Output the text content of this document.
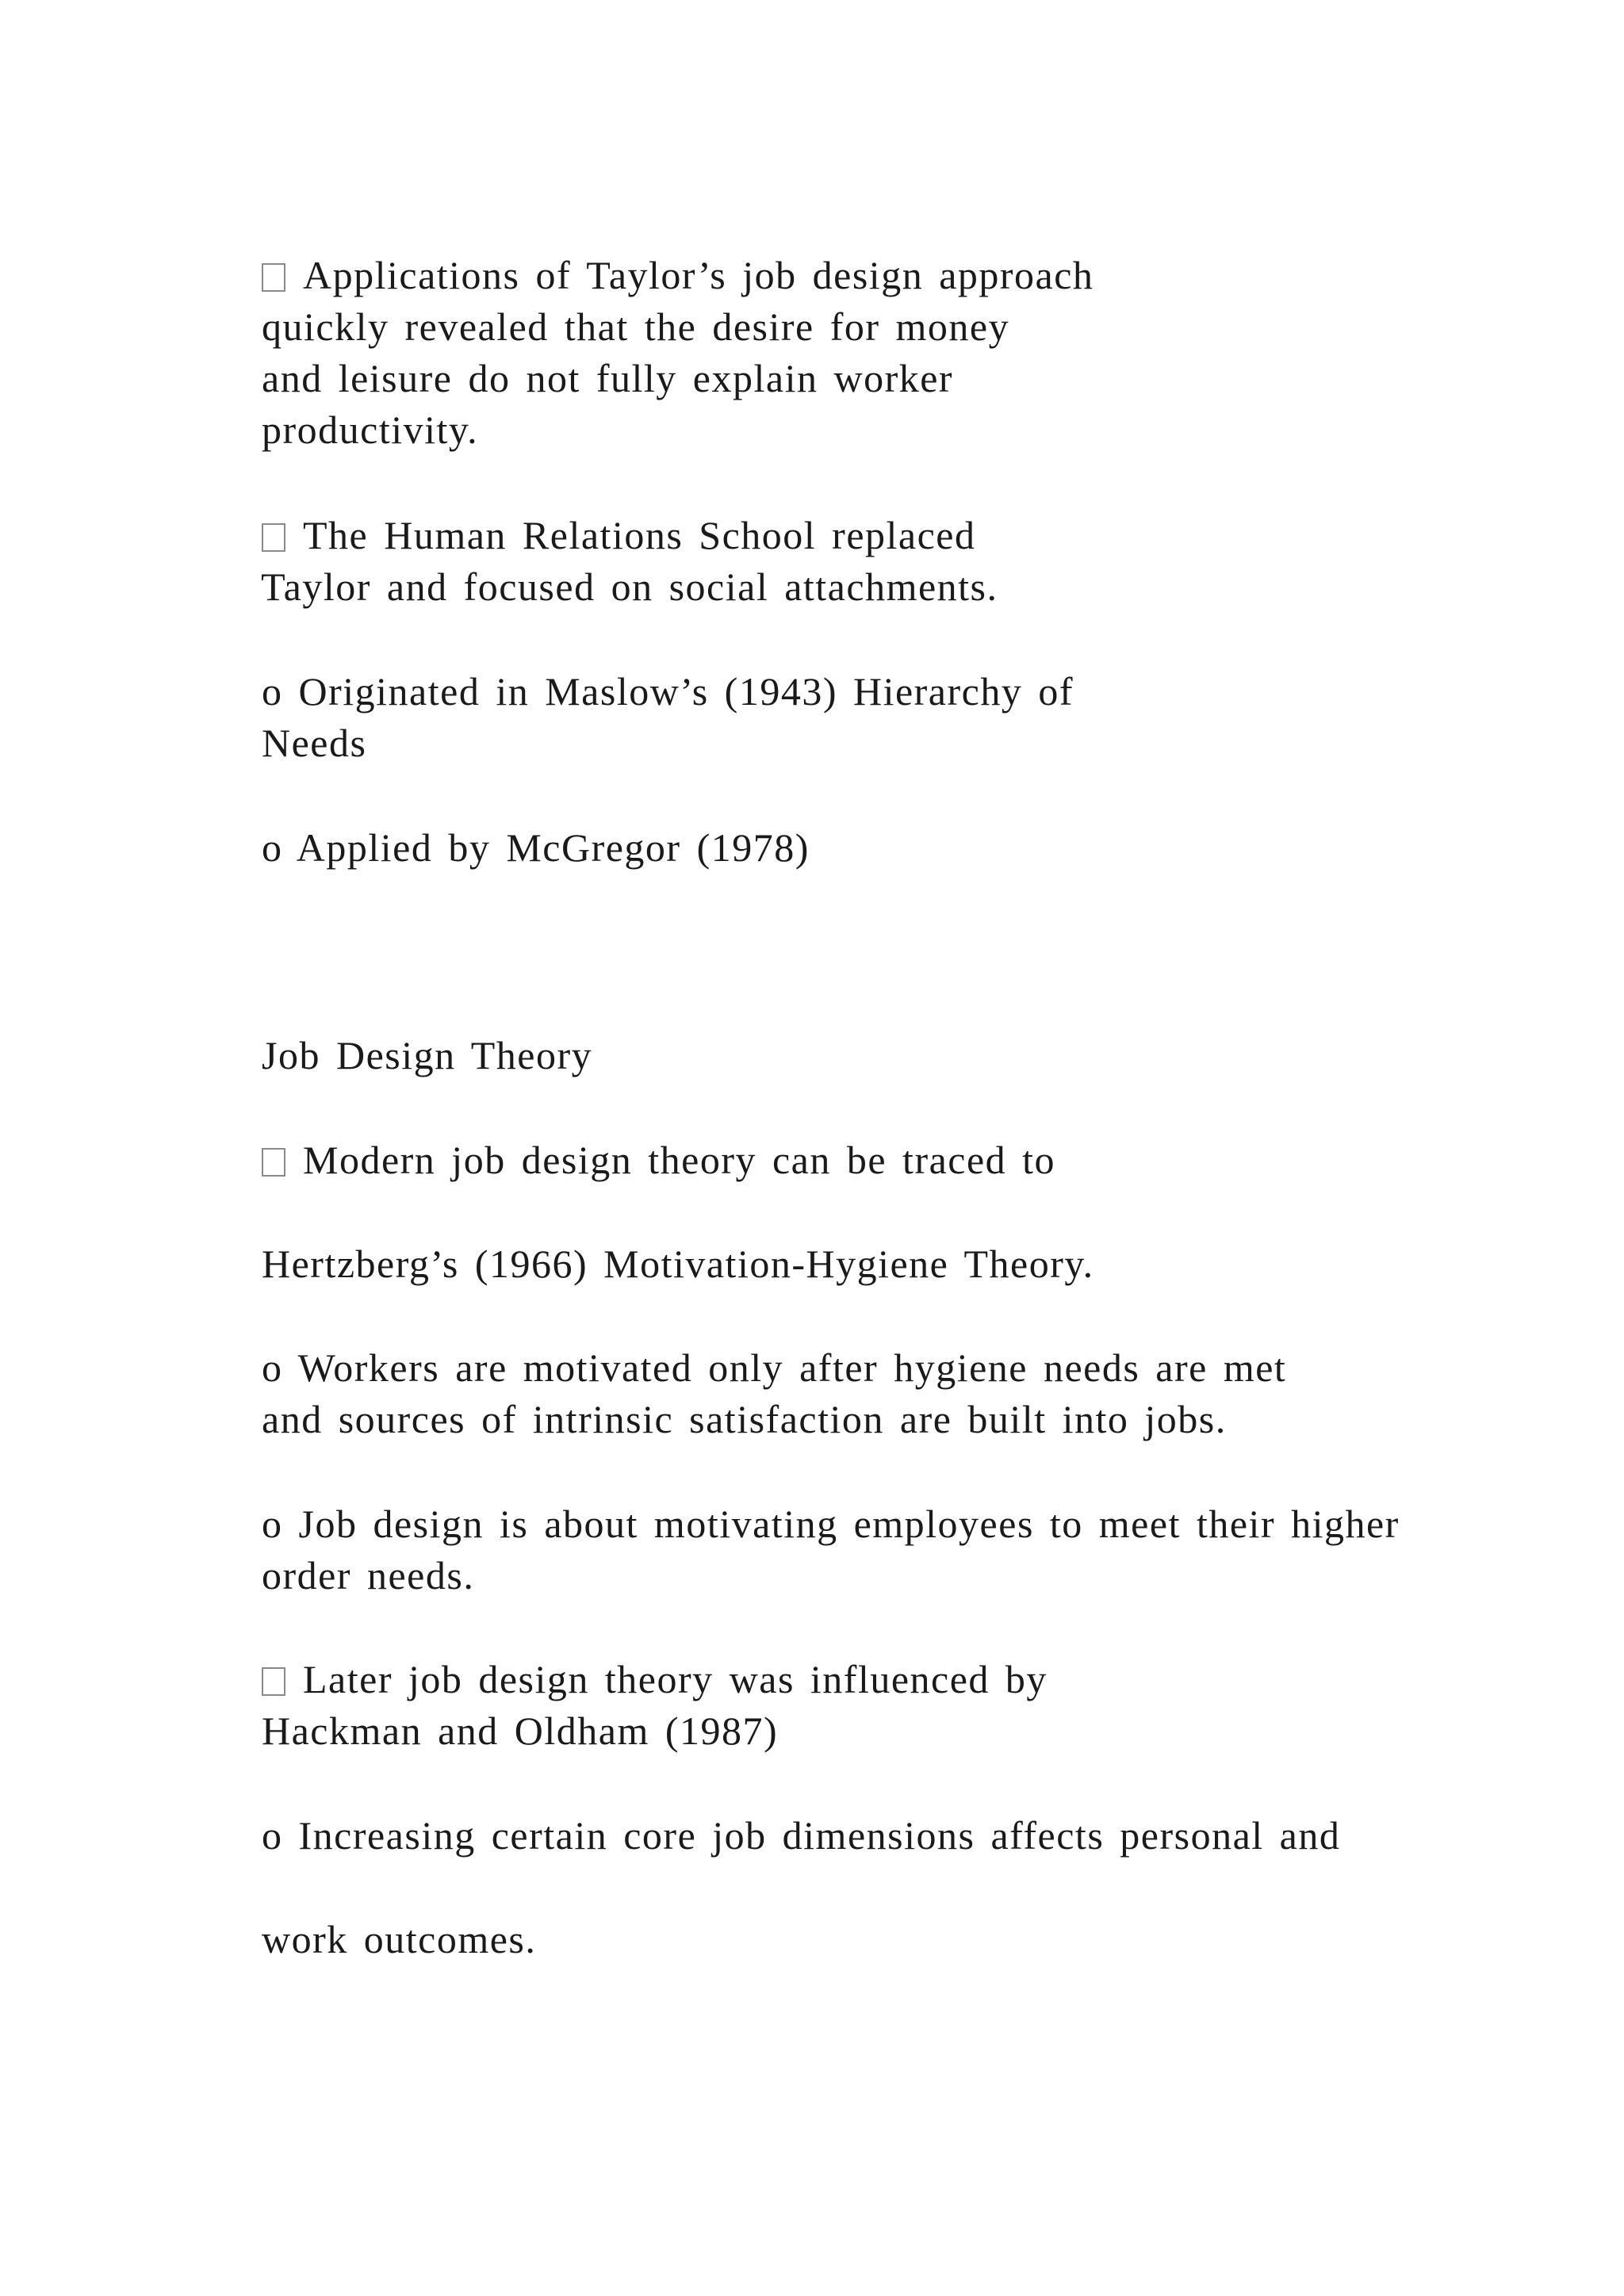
Applications of Taylor’s job design approach

quickly revealed that the desire for money

and leisure do not fully explain worker

productivity.

The Human Relations School replaced

Taylor and focused on social attachments.

o Originated in Maslow’s (1943) Hierarchy of

Needs

o Applied by McGregor (1978)

Job Design Theory

Modern job design theory can be traced to

Hertzberg’s (1966) Motivation-Hygiene Theory.

o Workers are motivated only after hygiene needs are met

and sources of intrinsic satisfaction are built into jobs.

o Job design is about motivating employees to meet their higher

order needs.

Later job design theory was influenced by

Hackman and Oldham (1987)

o Increasing certain core job dimensions affects personal and

work outcomes.
